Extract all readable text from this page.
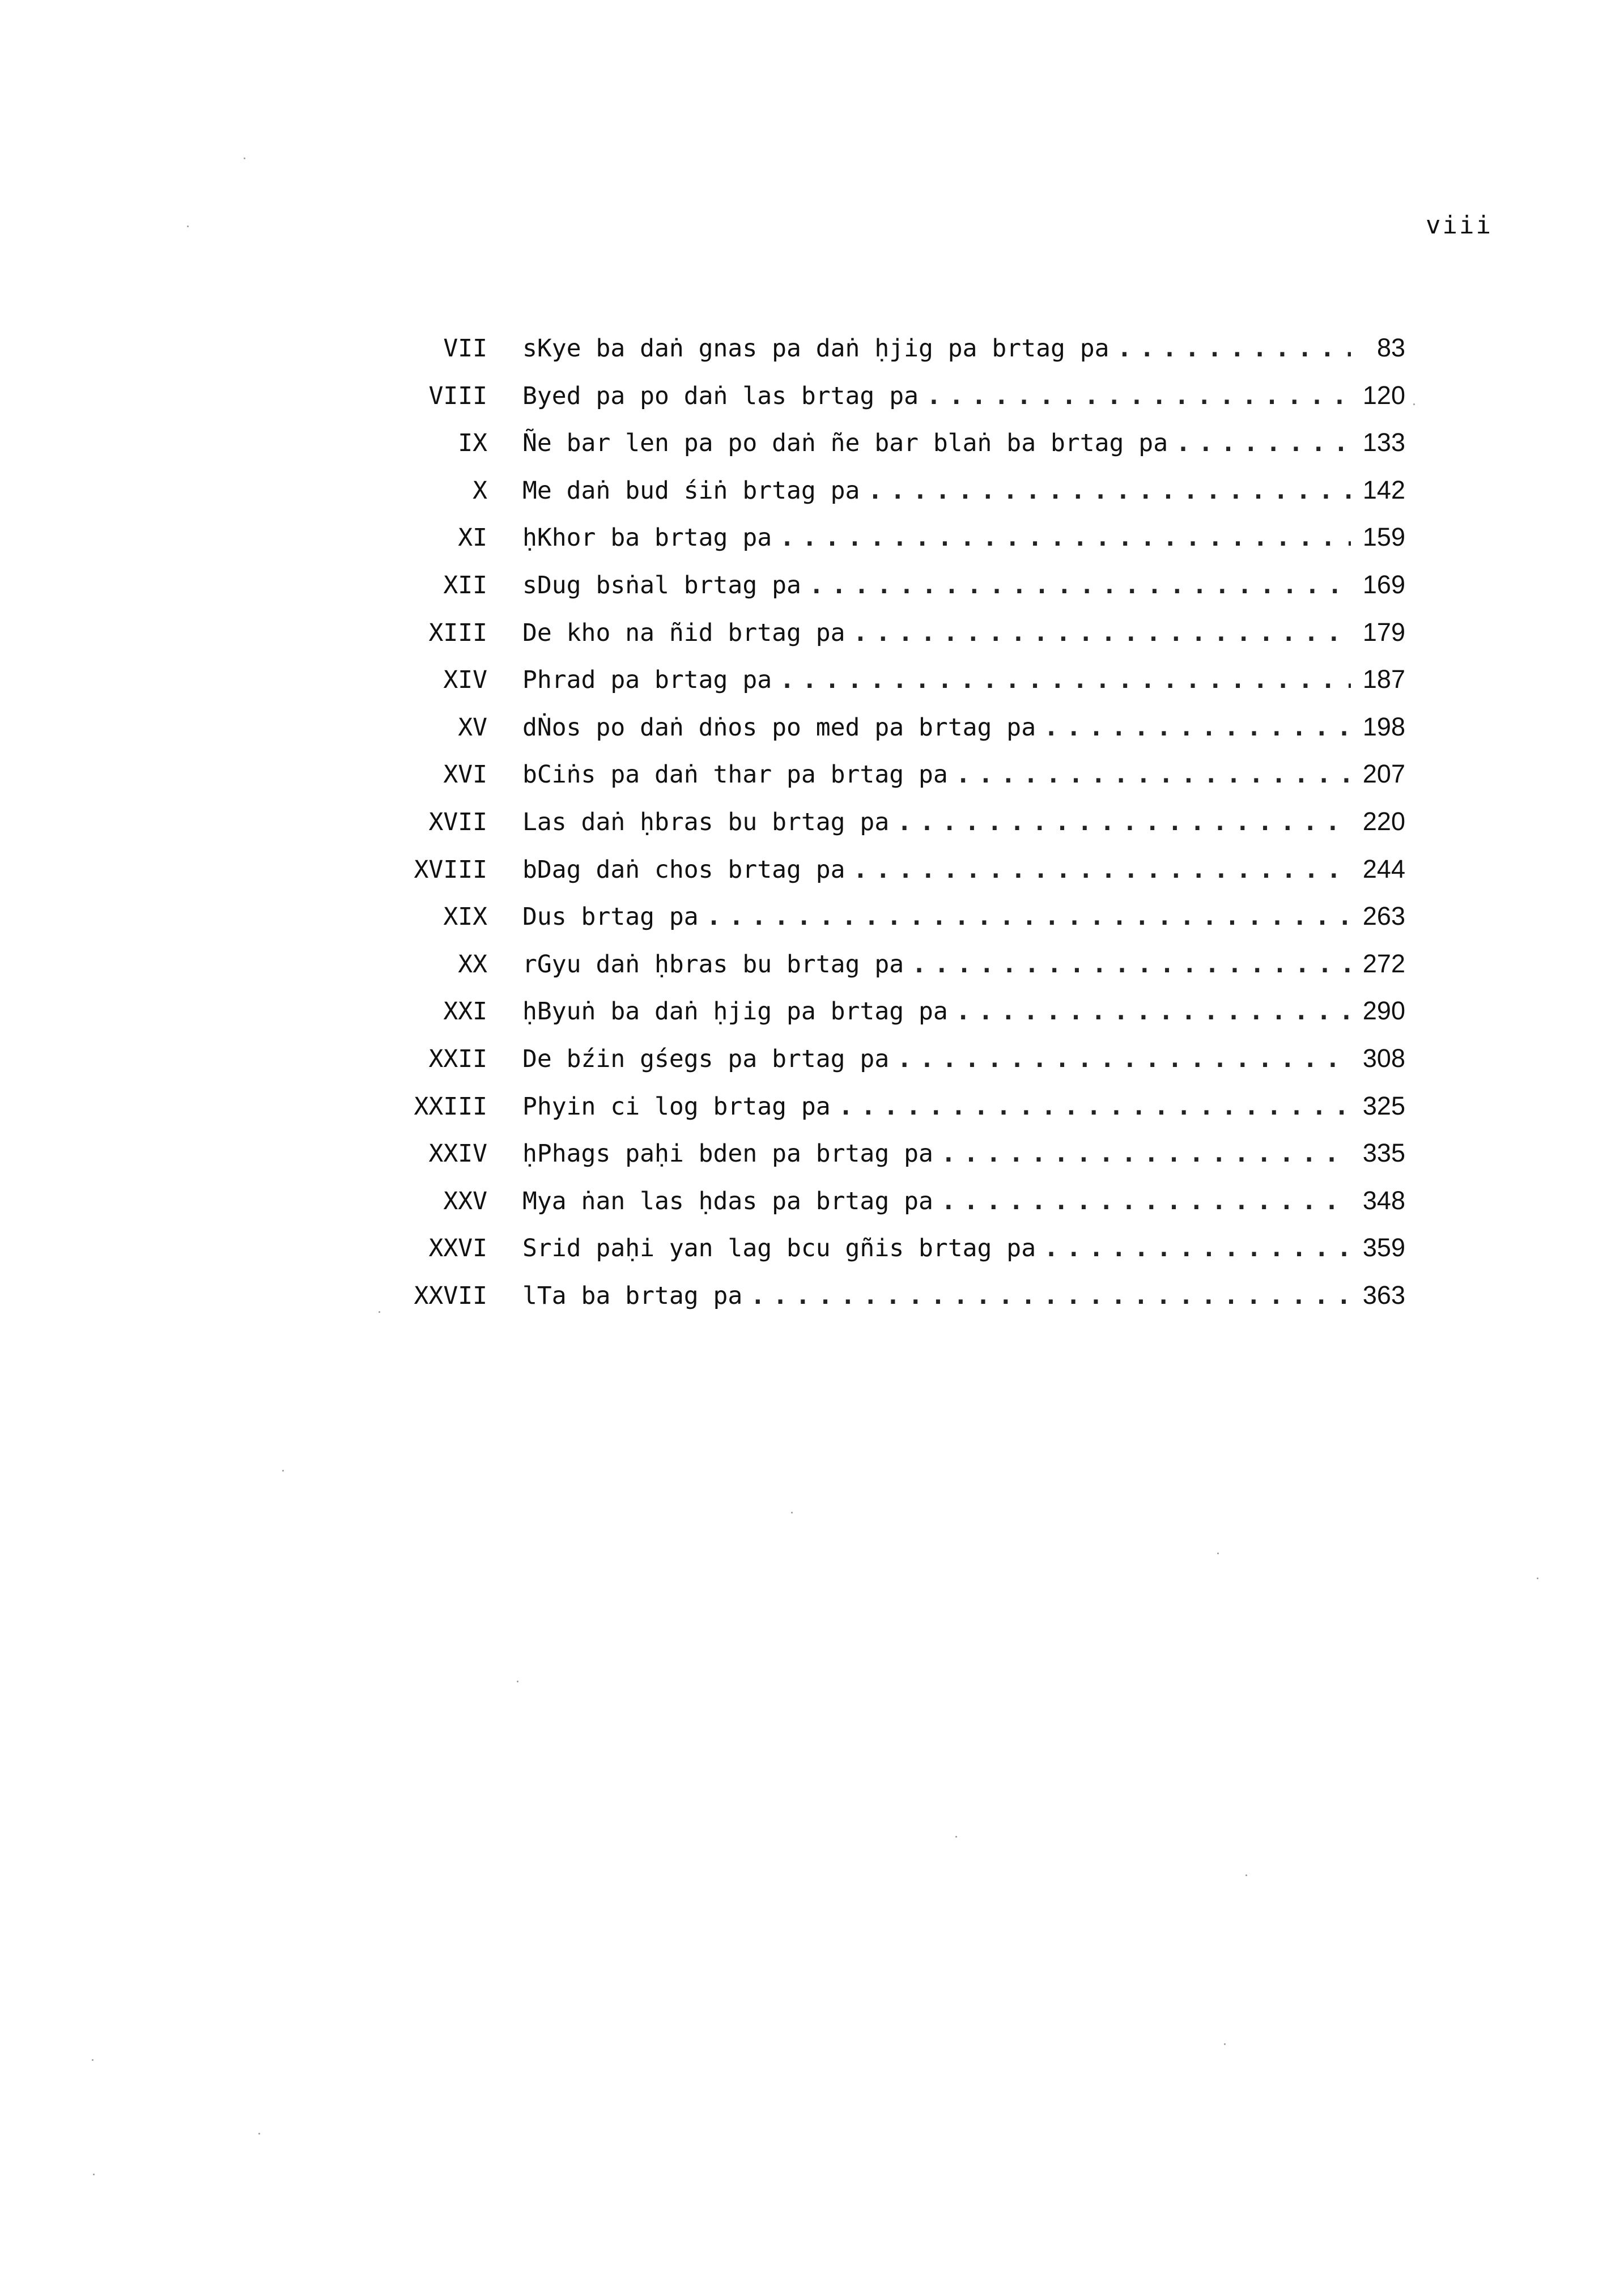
viii
VII	sKye ba daṅ gnas pa daṅ ḥjig pa brtag pa . . .	83
VIII	Byed pa po daṅ las brtag pa . . .	120
IX	Ñe bar len pa po daṅ ñe bar blaṅ ba brtag pa . . .	133
X	Me daṅ bud śiṅ brtag pa . . .	142
XI	ḥKhor ba brtag pa . . .	159
XII	sDug bsṅal brtag pa . . .	169
XIII	De kho na ñid brtag pa . . .	179
XIV	Phrad pa brtag pa . . .	187
XV	dṄos po daṅ dṅos po med pa brtag pa . . .	198
XVI	bCiṅs pa daṅ thar pa brtag pa . . .	207
XVII	Las daṅ ḥbras bu brtag pa . . .	220
XVIII	bDag daṅ chos brtag pa . . .	244
XIX	Dus brtag pa . . .	263
XX	rGyu daṅ ḥbras bu brtag pa . . .	272
XXI	ḥByuṅ ba daṅ ḥjig pa brtag pa . . .	290
XXII	De bźin gśegs pa brtag pa . . .	308
XXIII	Phyin ci log brtag pa . . .	325
XXIV	ḥPhags paḥi bden pa brtag pa . . .	335
XXV	Mya ṅan las ḥdas pa brtag pa . . .	348
XXVI	Srid paḥi yan lag bcu gñis brtag pa . . .	359
XXVII	lTa ba brtag pa . . .	363
